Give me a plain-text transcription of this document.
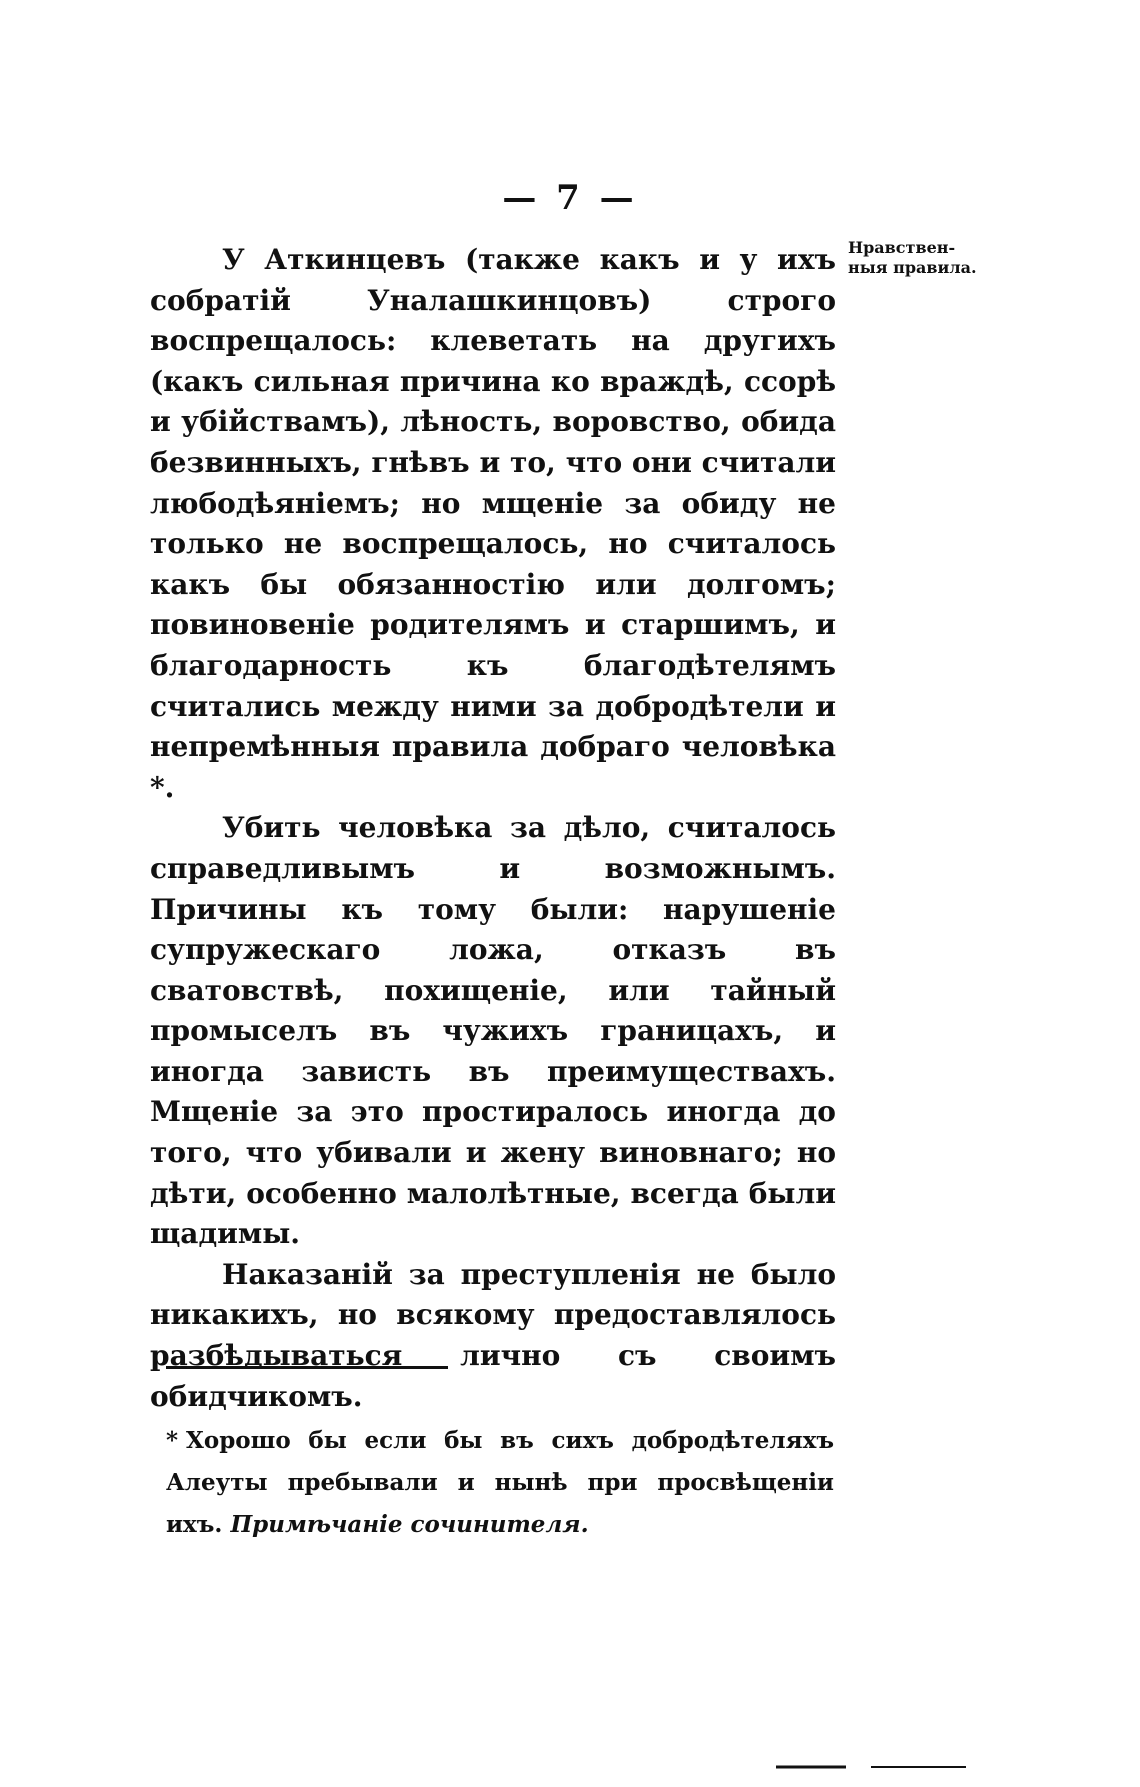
— 7 —
Нравствен-ныя правила.

У Аткинцевъ (также какъ и у ихъ собратiй Уналашкинцовъ) строго воспрещалось: клеветать на другихъ (какъ сильная причина ко враждѣ, ссорѣ и убiйствамъ), лѣность, воровство, обида безвинныхъ, гнѣвъ и то, что они считали любодѣянiемъ; но мщенiе за обиду не только не воспрещалось, но считалось какъ бы обязанностiю или долгомъ; повиновенiе родителямъ и старшимъ, и благодарность къ благодѣтелямъ считались между ними за добродѣтели и непремѣнныя правила добраго человѣка *.

Убить человѣка за дѣло, считалось справедливымъ и возможнымъ. Причины къ тому были: нарушенiе супружескаго ложа, отказъ въ сватовствѣ, похищенiе, или тайный промыселъ въ чужихъ границахъ, и иногда зависть въ преимуществахъ. Мщенiе за это простиралось иногда до того, что убивали и жену виновнаго; но дѣти, особенно малолѣтные, всегда были щадимы.

Наказанiй за преступленiя не было никакихъ, но всякому предоставлялось разбѣдываться лично съ своимъ обидчикомъ.

* Хорошо бы если бы въ сихъ добродѣтеляхъ Алеуты пребывали и нынѣ при просвѣщенiи ихъ. Примѣчанiе сочинителя.
